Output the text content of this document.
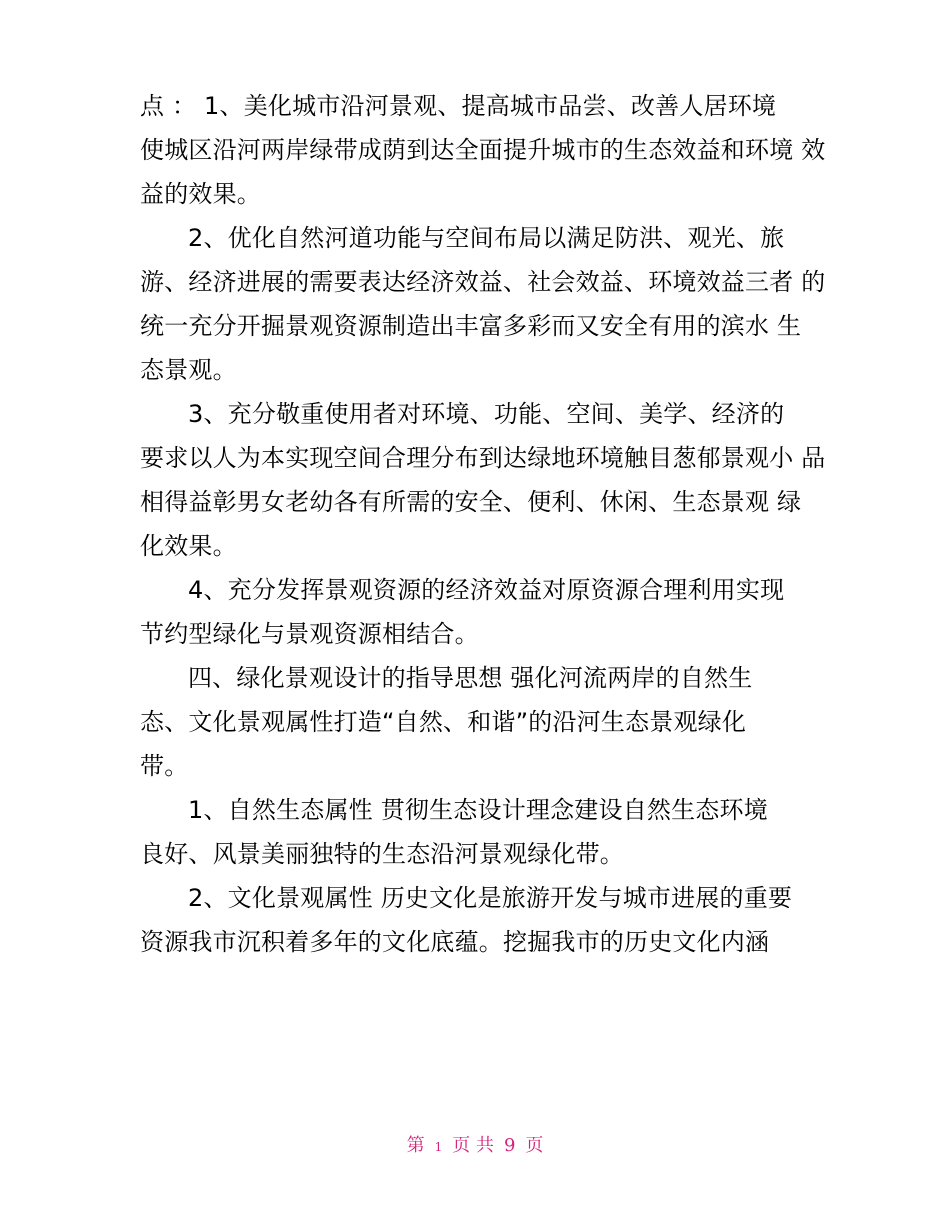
点 ： 1、美化城市沿河景观、提高城市品尝、改善人居环境
使城区沿河两岸绿带成荫到达全面提升城市的生态效益和环境 效
益的效果。
2、优化自然河道功能与空间布局以满足防洪、观光、旅
游、经济进展的需要表达经济效益、社会效益、环境效益三者 的
统一充分开掘景观资源制造出丰富多彩而又安全有用的滨水 生
态景观。
3、充分敬重使用者对环境、功能、空间、美学、经济的
要求以人为本实现空间合理分布到达绿地环境触目葱郁景观小 品
相得益彰男女老幼各有所需的安全、便利、休闲、生态景观 绿
化效果。
4、充分发挥景观资源的经济效益对原资源合理利用实现
节约型绿化与景观资源相结合。
四、绿化景观设计的指导思想 强化河流两岸的自然生
态、文化景观属性打造“自然、和谐”的沿河生态景观绿化
带。
1、自然生态属性 贯彻生态设计理念建设自然生态环境
良好、风景美丽独特的生态沿河景观绿化带。
2、文化景观属性 历史文化是旅游开发与城市进展的重要
资源我市沉积着多年的文化底蕴。挖掘我市的历史文化内涵
第 1 页 共 9 页
